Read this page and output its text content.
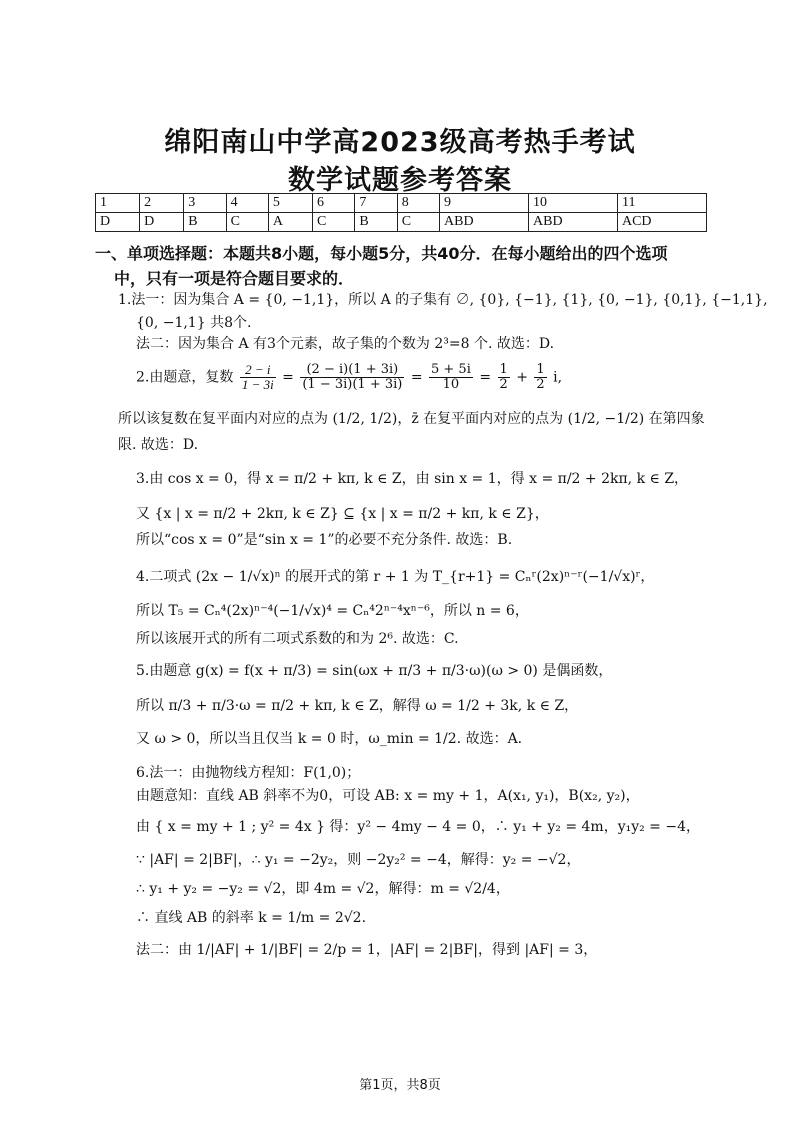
绵阳南山中学高2023级高考热手考试
数学试题参考答案
1	2	3	4	5	6	7	8	9	10	11
D	D	B	C	A	C	B	C	ABD	ABD	ACD
一、单项选择题：本题共8小题，每小题5分，共40分．在每小题给出的四个选项
中，只有一项是符合题目要求的．
1.法一：因为集合 A = {0, −1,1}，所以 A 的子集有 ∅, {0}, {−1}, {1}, {0, −1}, {0,1}, {−1,1},
{0, −1,1} 共8个.
法二：因为集合 A 有3个元素，故子集的个数为 2³=8 个. 故选：D.
2.由题意，复数 $\frac{2 - i}{1 - 3i} = \frac{(2 - i)(1 + 3i)}{(1 - 3i)(1 + 3i)} = \frac{5 + 5i}{10} = \frac{1}{2} + \frac{1}{2} i$,
所以该复数在复平面内对应的点为 (1/2, 1/2)，z̄ 在复平面内对应的点为 (1/2, −1/2) 在第四象
限. 故选：D.
3.由 cos x = 0，得 x = π/2 + kπ, k ∈ Z，由 sin x = 1，得 x = π/2 + 2kπ, k ∈ Z，
又 {x | x = π/2 + 2kπ, k ∈ Z} ⊆ {x | x = π/2 + kπ, k ∈ Z}，
所以“cos x = 0”是“sin x = 1”的必要不充分条件. 故选：B.
4.二项式 (2x − 1/√x)ⁿ 的展开式的第 r + 1 为 T_{r+1} = Cₙʳ(2x)ⁿ⁻ʳ(−1/√x)ʳ，
所以 T₅ = Cₙ⁴(2x)ⁿ⁻⁴(−1/√x)⁴ = Cₙ⁴2ⁿ⁻⁴xⁿ⁻⁶，所以 n = 6，
所以该展开式的所有二项式系数的和为 2⁶. 故选：C.
5.由题意 g(x) = f(x + π/3) = sin(ωx + π/3 + π/3·ω)(ω > 0) 是偶函数，
所以 π/3 + π/3·ω = π/2 + kπ, k ∈ Z，解得 ω = 1/2 + 3k, k ∈ Z，
又 ω > 0，所以当且仅当 k = 0 时，ω_min = 1/2. 故选：A.
6.法一：由抛物线方程知：F(1,0)；
由题意知：直线 AB 斜率不为0，可设 AB: x = my + 1，A(x₁, y₁)，B(x₂, y₂)，
由 { x = my + 1 ; y² = 4x } 得：y² − 4my − 4 = 0，∴ y₁ + y₂ = 4m，y₁y₂ = −4，
∵ |AF| = 2|BF|，∴ y₁ = −2y₂，则 −2y₂² = −4，解得：y₂ = −√2，
∴ y₁ + y₂ = −y₂ = √2，即 4m = √2，解得：m = √2/4，
∴ 直线 AB 的斜率 k = 1/m = 2√2.
法二：由 1/|AF| + 1/|BF| = 2/p = 1，|AF| = 2|BF|，得到 |AF| = 3，
第1页，共8页
